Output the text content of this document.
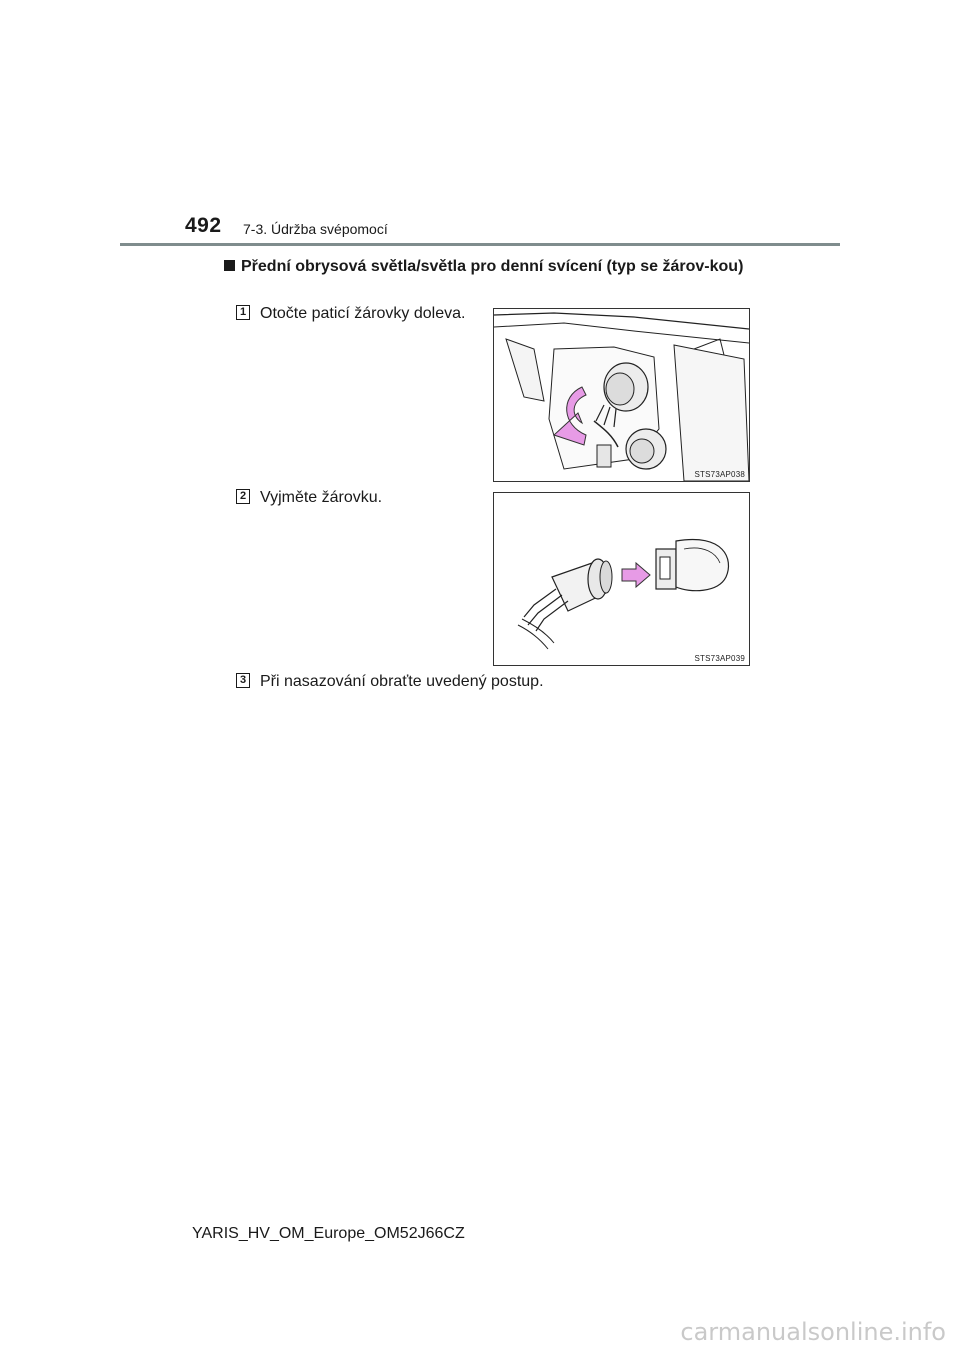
492 7-3. Údržba svépomocí
Přední obrysová světla/světla pro denní svícení (typ se žárov-kou)
1 Otočte paticí žárovky doleva.
STS73AP038
2 Vyjměte žárovku.
STS73AP039
3 Při nasazování obraťte uvedený postup.
YARIS_HV_OM_Europe_OM52J66CZ
carmanualsonline.info
